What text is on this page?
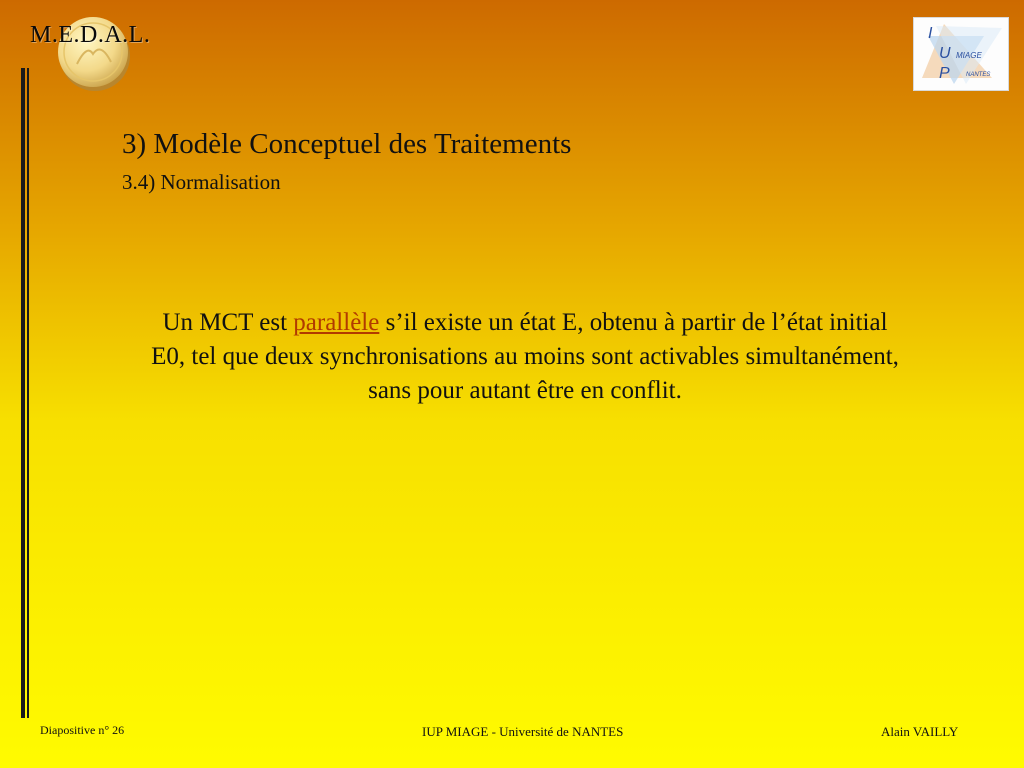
M.E.D.A.L.	I
U MIAGE
P	NANTES
3) Modèle Conceptuel des Traitements
3.4) Normalisation
Un MCT est parallèle s’il existe un état E, obtenu à partir de l’état initial E0, tel que deux synchronisations au moins sont activables simultanément, sans pour autant être en conflit.
Diapositive n° 26	IUP MIAGE - Université de NANTES	Alain VAILLY
